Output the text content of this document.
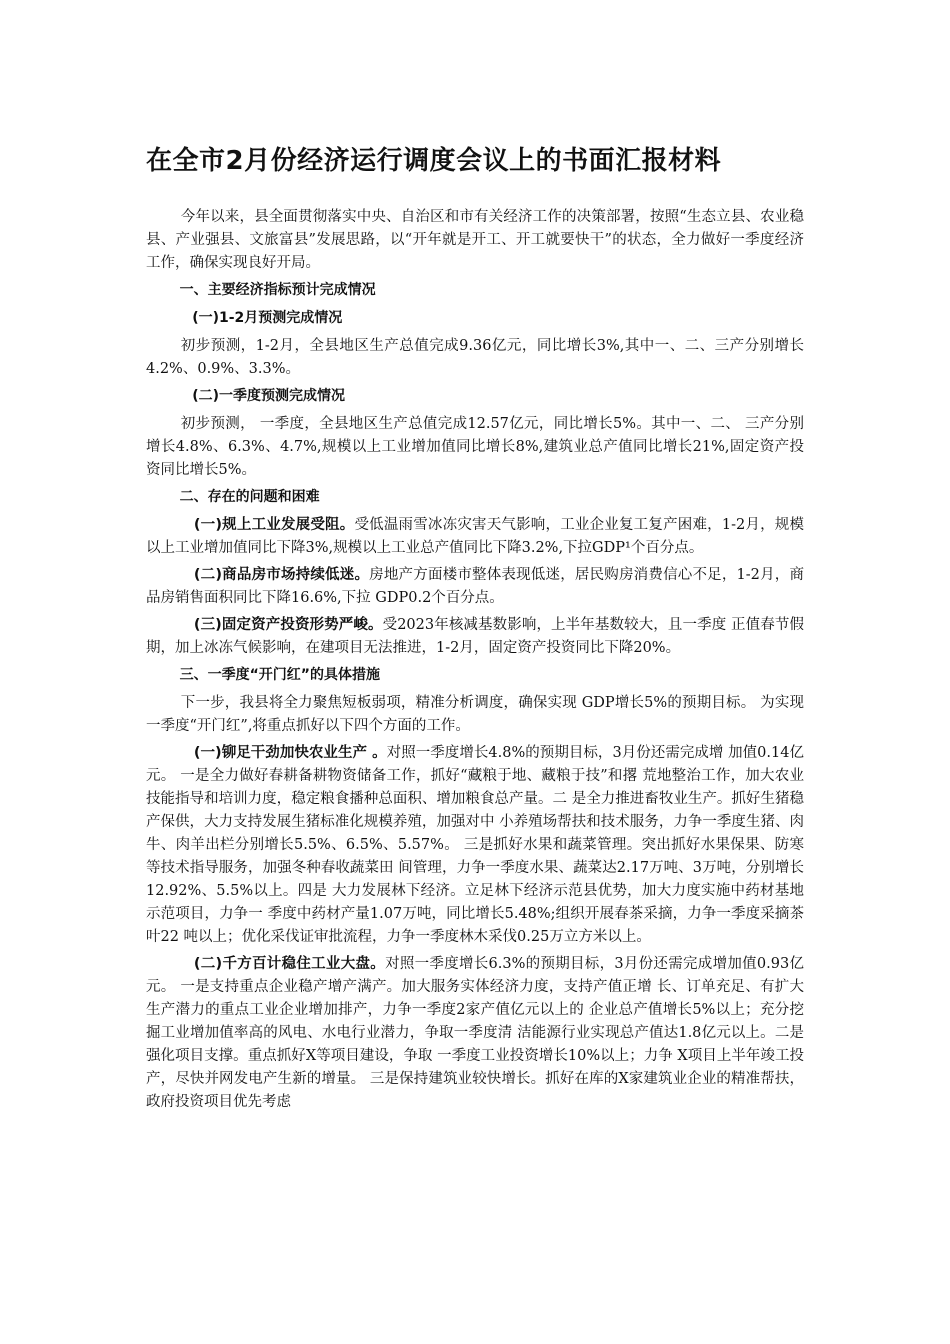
在全市2月份经济运行调度会议上的书面汇报材料

今年以来，县全面贯彻落实中央、自治区和市有关经济工作的决策部署，按照“生态立县、农业稳县、产业强县、文旅富县”发展思路，以“开年就是开工、开工就要快干”的状态，全力做好一季度经济工作，确保实现良好开局。

一、主要经济指标预计完成情况

(一)1-2月预测完成情况

初步预测，1-2月，全县地区生产总值完成9.36亿元，同比增长3%,其中一、二、三产分别增长4.2%、0.9%、3.3%。

(二)一季度预测完成情况

初步预测， 一季度，全县地区生产总值完成12.57亿元，同比增长5%。其中一、二、 三产分别增长4.8%、6.3%、4.7%,规模以上工业增加值同比增长8%,建筑业总产值同比增长21%,固定资产投资同比增长5%。

二、存在的问题和困难

(一)规上工业发展受阻。受低温雨雪冰冻灾害天气影响，工业企业复工复产困难，1-2月，规模以上工业增加值同比下降3%,规模以上工业总产值同比下降3.2%,下拉GDP¹个百分点。

(二)商品房市场持续低迷。房地产方面楼市整体表现低迷，居民购房消费信心不足，1-2月，商品房销售面积同比下降16.6%,下拉 GDP0.2个百分点。

(三)固定资产投资形势严峻。受2023年核减基数影响，上半年基数较大，且一季度 正值春节假期，加上冰冻气候影响，在建项目无法推进，1-2月，固定资产投资同比下降20%。

三、一季度“开门红”的具体措施

下一步，我县将全力聚焦短板弱项，精准分析调度，确保实现 GDP增长5%的预期目标。 为实现一季度“开门红”,将重点抓好以下四个方面的工作。

(一)铆足干劲加快农业生产 。对照一季度增长4.8%的预期目标，3月份还需完成增 加值0.14亿元。 一是全力做好春耕备耕物资储备工作，抓好“藏粮于地、藏粮于技”和撂 荒地整治工作，加大农业技能指导和培训力度，稳定粮食播种总面积、增加粮食总产量。二 是全力推进畜牧业生产。抓好生猪稳产保供，大力支持发展生猪标准化规模养殖，加强对中 小养殖场帮扶和技术服务，力争一季度生猪、肉牛、肉羊出栏分别增长5.5%、6.5%、5.57%。 三是抓好水果和蔬菜管理。突出抓好水果保果、防寒等技术指导服务，加强冬种春收蔬菜田 间管理，力争一季度水果、蔬菜达2.17万吨、3万吨，分别增长12.92%、5.5%以上。四是 大力发展林下经济。立足林下经济示范县优势，加大力度实施中药材基地示范项目，力争一 季度中药材产量1.07万吨，同比增长5.48%;组织开展春茶采摘，力争一季度采摘茶叶22 吨以上；优化采伐证审批流程，力争一季度林木采伐0.25万立方米以上。

(二)千方百计稳住工业大盘。对照一季度增长6.3%的预期目标，3月份还需完成增加值0.93亿元。 一是支持重点企业稳产增产满产。加大服务实体经济力度，支持产值正增 长、订单充足、有扩大生产潜力的重点工业企业增加排产，力争一季度2家产值亿元以上的 企业总产值增长5%以上；充分挖掘工业增加值率高的风电、水电行业潜力，争取一季度清 洁能源行业实现总产值达1.8亿元以上。二是强化项目支撑。重点抓好X等项目建设，争取 一季度工业投资增长10%以上；力争 X项目上半年竣工投产，尽快并网发电产生新的增量。 三是保持建筑业较快增长。抓好在库的X家建筑业企业的精准帮扶，政府投资项目优先考虑
